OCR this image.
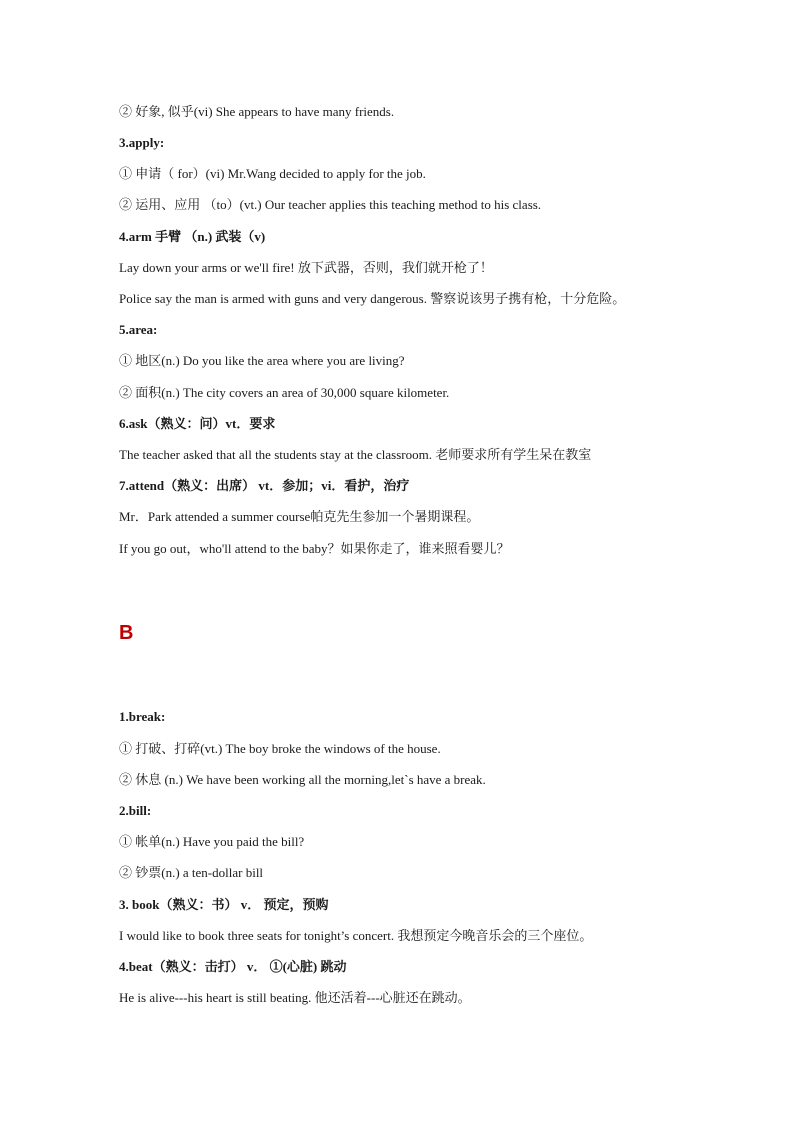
② 好象, 似乎(vi) She appears to have many friends.
3.apply:
① 申请（ for）(vi) Mr.Wang decided to apply for the job.
② 运用、应用 （to）(vt.) Our teacher applies this teaching method to his class.
4.arm 手臂 （n.) 武装（v)
Lay down your arms or we'll fire! 放下武器，否则，我们就开枪了！
Police say the man is armed with guns and very dangerous. 警察说该男子携有枪，十分危险。
5.area:
① 地区(n.) Do you like the area where you are living?
② 面积(n.) The city covers an area of 30,000 square kilometer.
6.ask（熟义：问）vt．要求
The teacher asked that all the students stay at the classroom. 老师要求所有学生呆在教室
7.attend（熟义：出席） vt．参加；vi．看护，治疗
Mr．Park attended a summer course帕克先生参加一个暑期课程。
If you go out，who'll attend to the baby？如果你走了，谁来照看婴儿？
B
1.break:
① 打破、打碎(vt.) The boy broke the windows of the house.
② 休息 (n.) We have been working all the morning,let`s have a break.
2.bill:
① 帐单(n.) Have you paid the bill?
② 钞票(n.) a ten-dollar bill
3. book（熟义：书） v． 预定，预购
I would like to book three seats for tonight’s concert. 我想预定今晚音乐会的三个座位。
4.beat（熟义：击打） v． ①(心脏) 跳动
He is alive---his heart is still beating. 他还活着---心脏还在跳动。
